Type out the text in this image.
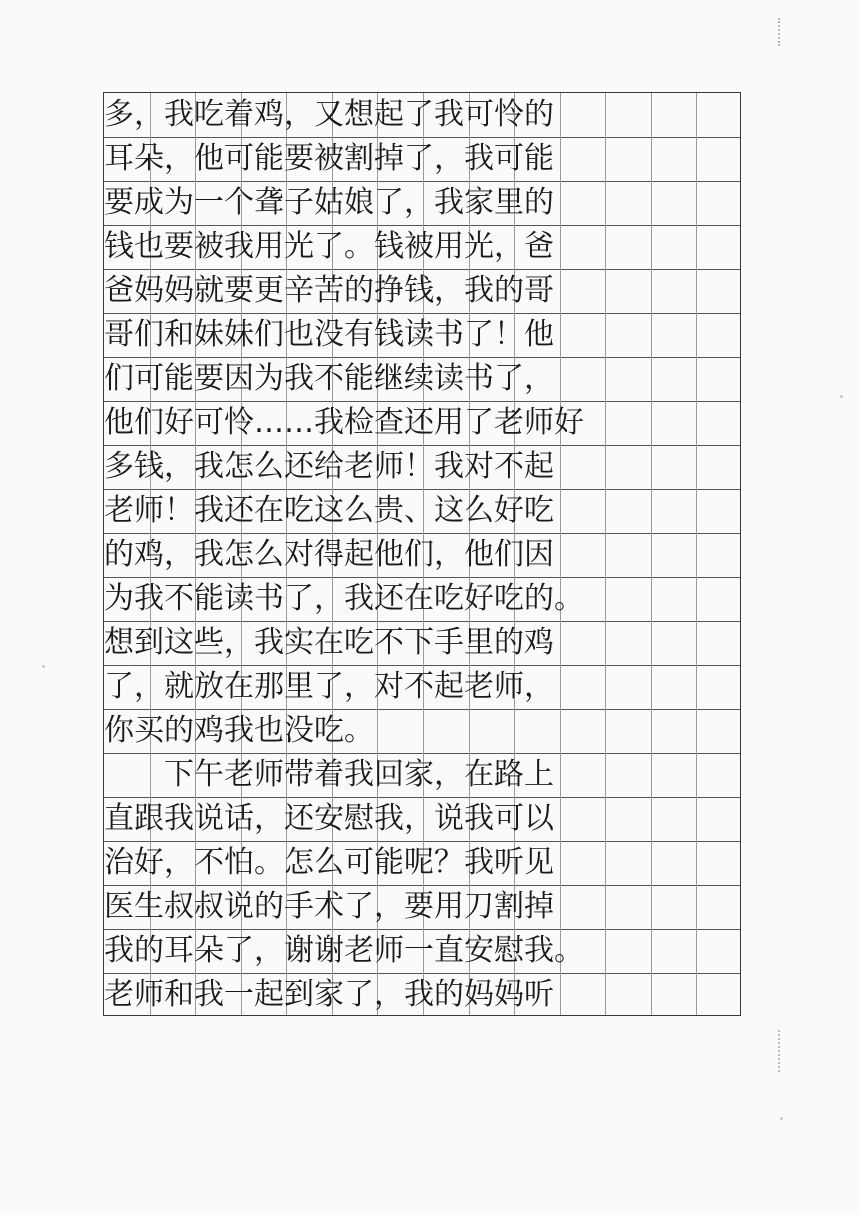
多，我吃着鸡，又想起了我可怜的
耳朵，他可能要被割掉了，我可能
要成为一个聋子姑娘了，我家里的
钱也要被我用光了。钱被用光，爸
爸妈妈就要更辛苦的挣钱，我的哥
哥们和妹妹们也没有钱读书了！他
们可能要因为我不能继续读书了，
他们好可怜……我检查还用了老师好
多钱，我怎么还给老师！我对不起
老师！我还在吃这么贵、这么好吃
的鸡，我怎么对得起他们，他们因
为我不能读书了，我还在吃好吃的。
想到这些，我实在吃不下手里的鸡
了，就放在那里了，对不起老师，
你买的鸡我也没吃。
　　下午老师带着我回家，在路上
直跟我说话，还安慰我，说我可以
治好，不怕。怎么可能呢？我听见
医生叔叔说的手术了，要用刀割掉
我的耳朵了，谢谢老师一直安慰我。
老师和我一起到家了，我的妈妈听
